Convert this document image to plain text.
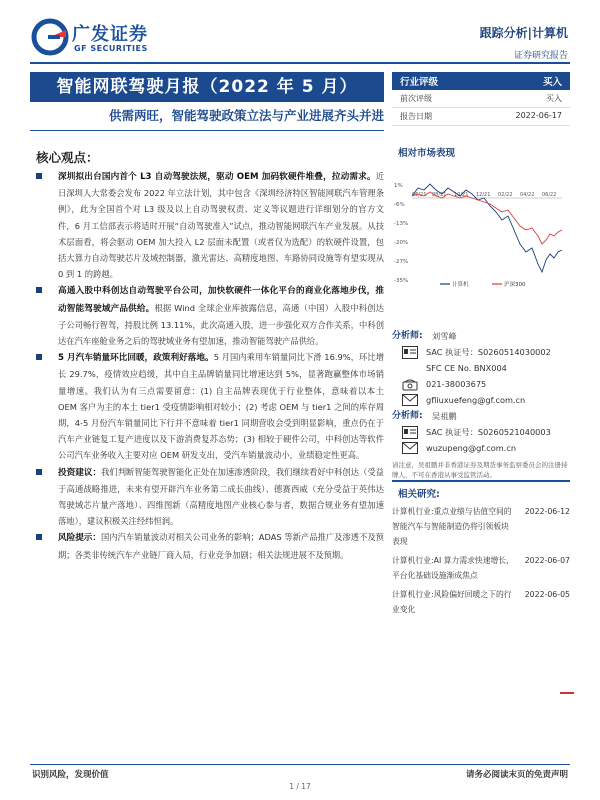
广发证券
GF SECURITIES
跟踪分析|计算机
证券研究报告
智能网联驾驶月报（2022 年 5 月）
供需两旺，智能驾驶政策立法与产业进展齐头并进
核心观点：
深圳拟出台国内首个 L3 自动驾驶法规，驱动 OEM 加码软硬件堆叠，拉动需求。近日深圳人大常委会发布 2022 年立法计划，其中包含《深圳经济特区智能网联汽车管理条例》，此为全国首个对 L3 级及以上自动驾驶权责、定义等议题进行详细划分的官方文件，6 月工信部表示将适时开展“自动驾驶准入”试点，推动智能网联汽车产业发展。从技术层面看，将会驱动 OEM 加大投入 L2 层面未配置（或者仅为选配）的软硬件设置，包括大算力自动驾驶芯片及域控制器，激光雷达、高精度地图、车路协同设施等有望实现从 0 到 1 的跨越。
高通入股中科创达自动驾驶平台公司，加快软硬件一体化平台的商业化落地步伐，推动智能驾驶域产品供给。根据 Wind 全球企业库披露信息，高通（中国）入股中科创达子公司畅行智驾，持股比例 13.11%，此次高通入股，进一步强化双方合作关系，中科创达在汽车座舱业务之后的驾驶域业务有望加速，推动智能驾驶产品供给。
5 月汽车销量环比回暖，政策利好落地。5 月国内乘用车销量同比下滑 16.9%，环比增长 29.7%，疫情效应趋缓，其中自主品牌销量同比增速达到 5%，显著跑赢整体市场销量增速。我们认为有三点需要留意：(1) 自主品牌表现优于行业整体，意味着以本土 OEM 客户为主的本土 tier1 受疫情影响相对较小；(2) 考虑 OEM 与 tier1 之间的库存周期，4-5 月份汽车销量同比下行并不意味着 tier1 同期营收会受到明显影响，重点仍在于汽车产业链复工复产进度以及下游消费复苏态势；(3) 相较于硬件公司，中科创达等软件公司汽车业务收入主要对应 OEM 研发支出，受汽车销量波动小，业绩稳定性更高。
投资建议：我们判断智能驾驶智能化正处在加速渗透阶段，我们继续看好中科创达（受益于高通战略推进，未来有望开辟汽车业务第二成长曲线）、德赛西威（充分受益于英伟达驾驶域芯片量产落地）、四维图新（高精度地图产业核心参与者，数据合规业务有望加速落地），建议积极关注经纬恒润。
风险提示：国内汽车销量波动对相关公司业务的影响；ADAS 等新产品推广及渗透不及预期；各类非传统汽车产业链厂商入局，行业竞争加剧；相关法规进展不及预期。
行业评级	买入
前次评级	买入
报告日期	2022-06-17
相对市场表现
1%
-6%
-13%
-20%
-27%
-35%
06/21 08/21 10/21 12/21 02/22 04/22 06/22
计算机	沪深300
分析师:	刘雪峰
SAC 执证号：S0260514030002
SFC CE No. BNX004
021-38003675
gfliuxuefeng@gf.com.cn
分析师:	吴祖鹏
SAC 执证号：S0260521040003
wuzupeng@gf.com.cn
请注意，吴祖鹏并非香港证券及期货事务监察委员会的注册持牌人，不可在香港从事受监管活动。
相关研究:
计算机行业:重点业绩与估值空间的智能汽车与智能制造仍将引领板块表现
2022-06-12
计算机行业:AI 算力需求快速增长，平台化基础设施渐成焦点
2022-06-07
计算机行业:风险偏好回暖之下的行业变化
2022-06-05
识别风险，发现价值	请务必阅读末页的免责声明
1 / 17
